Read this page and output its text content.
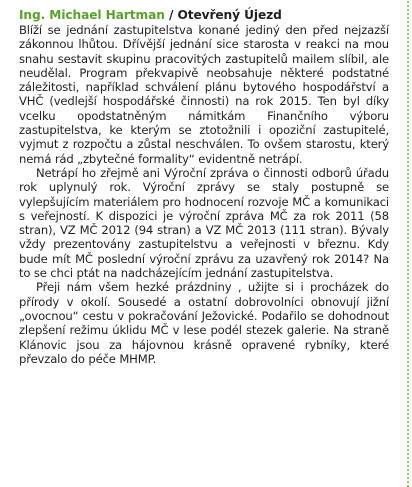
Ing. Michael Hartman / Otevřený Újezd

Blíží se jednání zastupitelstva konané jediný den před nejzazší zákonnou lhůtou. Dřívější jednání sice starosta v reakci na mou snahu sestavit skupinu pracovitých zastupitelů mailem slíbil, ale neudělal. Program překvapivě neobsahuje některé podstatné záležitosti, například schválení plánu bytového hospodářství a VHČ (vedlejší hospodářské činnosti) na rok 2015. Ten byl díky vcelku opodstatněným námitkám Finančního výboru zastupitelstva, ke kterým se ztotožnili i opoziční zastupitelé, vyjmut z rozpočtu a zůstal neschválen. To ovšem starostu, který nemá rád „zbytečné formality“ evidentně netrápí.

Netrápí ho zřejmě ani Výroční zpráva o činnosti odborů úřadu rok uplynulý rok. Výroční zprávy se staly postupně se vylepšujícím materiálem pro hodnocení rozvoje MČ a komunikaci s veřejností. K dispozici je výroční zpráva MČ za rok 2011 (58 stran), VZ MČ 2012 (94 stran) a VZ MČ 2013 (111 stran). Bývaly vždy prezentovány zastupitelstvu a veřejnosti v březnu. Kdy bude mít MČ poslední výroční zprávu za uzavřený rok 2014? Na to se chci ptát na nadcházejícím jednání zastupitelstva.

Přeji nám všem hezké prázdniny , užijte si i procházek do přírody v okolí. Sousedé a ostatní dobrovolníci obnovují jižní „ovocnou“ cestu v pokračování Ježovické. Podařilo se dohodnout zlepšení režimu úklidu MČ v lese podél stezek galerie. Na straně Klánovic jsou za hájovnou krásně opravené rybníky, které převzalo do péče MHMP.
